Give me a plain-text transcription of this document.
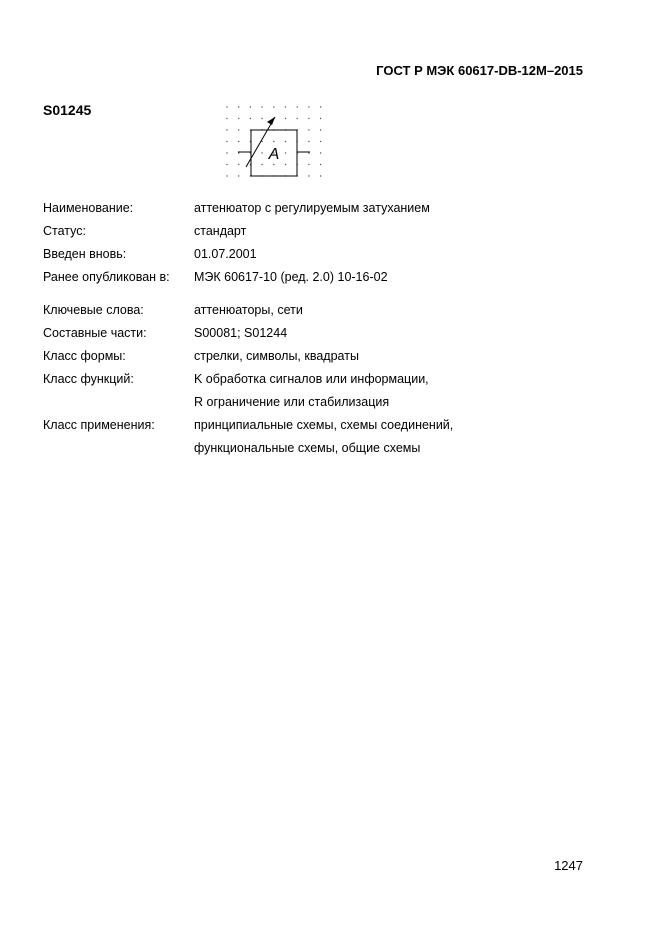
ГОСТ Р МЭК 60617-DB-12M–2015
S01245
A
Наименование:	аттенюатор с регулируемым затуханием
Статус:	стандарт
Введен вновь:	01.07.2001
Ранее опубликован в:	МЭК 60617-10 (ред. 2.0) 10-16-02
Ключевые слова:	аттенюаторы, сети
Составные части:	S00081; S01244
Класс формы:	стрелки, символы, квадраты
Класс функций:	K обработка сигналов или информации,
R ограничение или стабилизация
Класс применения:	принципиальные схемы, схемы соединений,
функциональные схемы, общие схемы
1247
